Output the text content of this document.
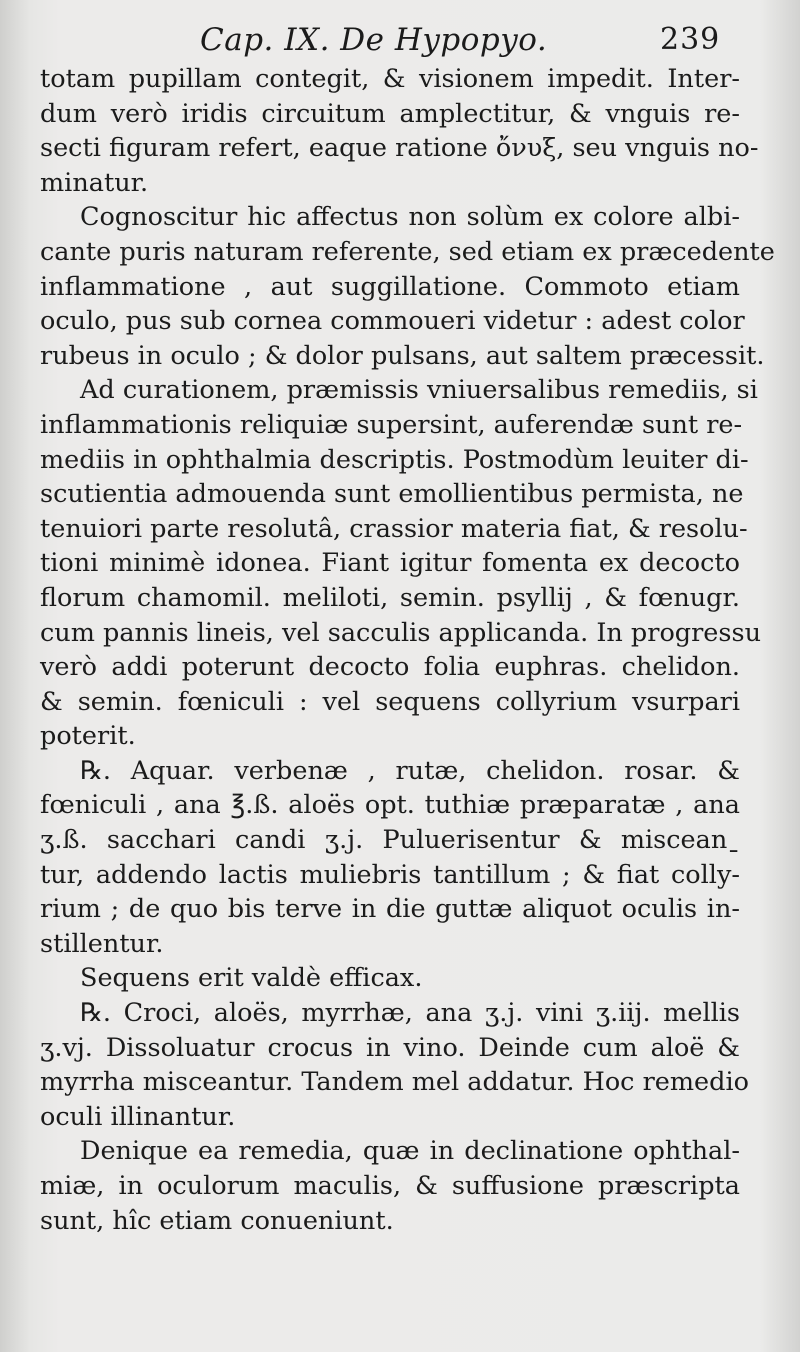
Cap. IX. De Hypopyo.	239
totam pupillam contegit, & visionem impedit. Inter-
dum verò iridis circuitum amplectitur, & vnguis re-
secti figuram refert, eaque ratione ὄνυξ, seu vnguis no-
minatur.
Cognoscitur hic affectus non solùm ex colore albi-
cante puris naturam referente, sed etiam ex præcedente
inflammatione , aut suggillatione. Commoto etiam
oculo, pus sub cornea commoueri videtur : adest color
rubeus in oculo ; & dolor pulsans, aut saltem præcessit.
Ad curationem, præmissis vniuersalibus remediis, si
inflammationis reliquiæ supersint, auferendæ sunt re-
mediis in ophthalmia descriptis. Postmodùm leuiter di-
scutientia admouenda sunt emollientibus permista, ne
tenuiori parte resolutâ, crassior materia fiat, & resolu-
tioni minimè idonea. Fiant igitur fomenta ex decocto
florum chamomil. meliloti, semin. psyllij , & fœnugr.
cum pannis lineis, vel sacculis applicanda. In progressu
verò addi poterunt decocto folia euphras. chelidon.
& semin. fœniculi : vel sequens collyrium vsurpari
poterit.
℞. Aquar. verbenæ , rutæ, chelidon. rosar. &
fœniculi , ana ℥.ß. aloës opt. tuthiæ præparatæ , ana
ʒ.ß. sacchari candi ʒ.j. Puluerisentur & misceanˍ
tur, addendo lactis muliebris tantillum ; & fiat colly-
rium ; de quo bis terve in die guttæ aliquot oculis in-
stillentur.
Sequens erit valdè efficax.
℞. Croci, aloës, myrrhæ, ana ʒ.j. vini ʒ.iij. mellis
ʒ.vj. Dissoluatur crocus in vino. Deinde cum aloë &
myrrha misceantur. Tandem mel addatur. Hoc remedio
oculi illinantur.
Denique ea remedia, quæ in declinatione ophthal-
miæ, in oculorum maculis, & suffusione præscripta
sunt, hîc etiam conueniunt.
